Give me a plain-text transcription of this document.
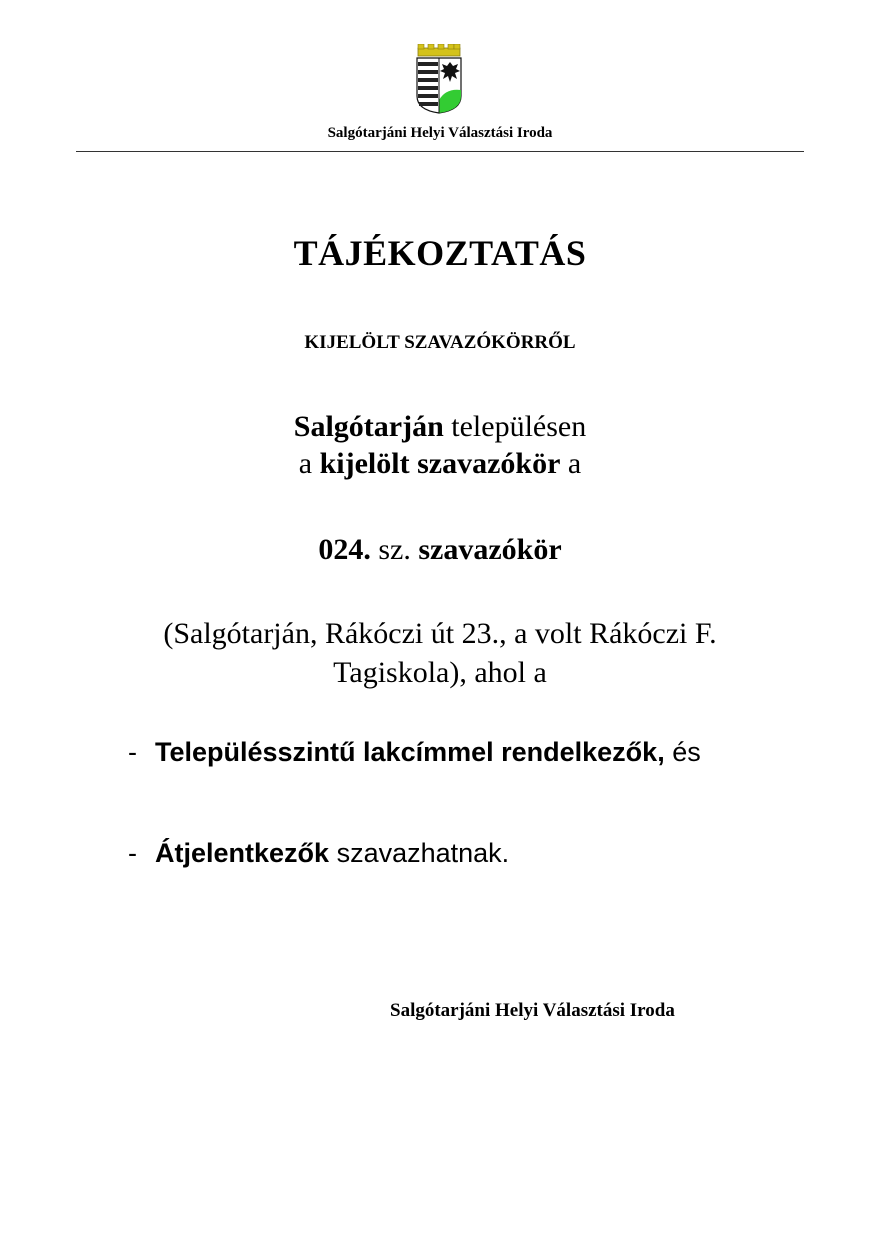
Salgótarjáni Helyi Választási Iroda
TÁJÉKOZTATÁS
KIJELÖLT SZAVAZÓKÖRRŐL
Salgótarján településen
a kijelölt szavazókör a
024. sz. szavazókör
(Salgótarján, Rákóczi út 23., a volt Rákóczi F.
Tagiskola), ahol a
- Településszintű lakcímmel rendelkezők, és
- Átjelentkezők szavazhatnak.
Salgótarjáni Helyi Választási Iroda
